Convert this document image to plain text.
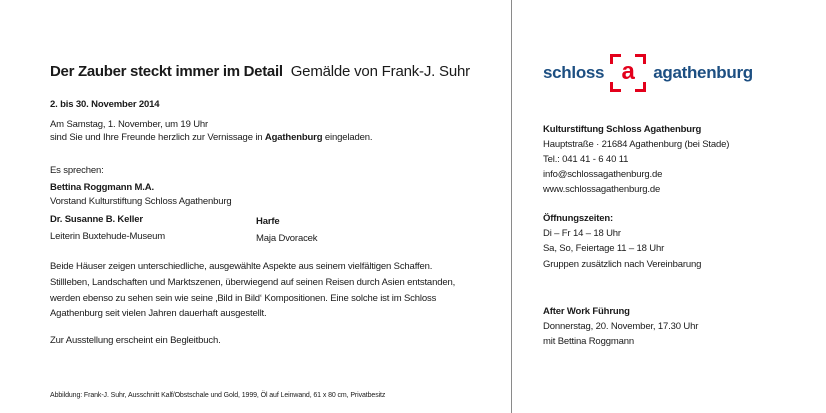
Der Zauber steckt immer im Detail Gemälde von Frank-J. Suhr
2. bis 30. November 2014
Am Samstag, 1. November, um 19 Uhr
sind Sie und Ihre Freunde herzlich zur Vernissage in Agathenburg eingeladen.
Es sprechen:
Bettina Roggmann M.A.
Vorstand Kulturstiftung Schloss Agathenburg
Dr. Susanne B. Keller
Leiterin Buxtehude-Museum
Harfe
Maja Dvoracek
Beide Häuser zeigen unterschiedliche, ausgewählte Aspekte aus seinem vielfältigen Schaffen.
Stillleben, Landschaften und Marktszenen, überwiegend auf seinen Reisen durch Asien entstanden,
werden ebenso zu sehen sein wie seine ‚Bild in Bild‘ Kompositionen. Eine solche ist im Schloss
Agathenburg seit vielen Jahren dauerhaft ausgestellt.
Zur Ausstellung erscheint ein Begleitbuch.
Abbildung: Frank-J. Suhr, Ausschnitt Kalf/Obstschale und Gold, 1999, Öl auf Leinwand, 61 x 80 cm, Privatbesitz
schloss a	agathenburg
Kulturstiftung Schloss Agathenburg
Hauptstraße · 21684 Agathenburg (bei Stade)
Tel.: 041 41 - 6 40 11
info@schlossagathenburg.de
www.schlossagathenburg.de
Öffnungszeiten:
Di – Fr 14 – 18 Uhr
Sa, So, Feiertage 11 – 18 Uhr
Gruppen zusätzlich nach Vereinbarung
After Work Führung
Donnerstag, 20. November, 17.30 Uhr
mit Bettina Roggmann
